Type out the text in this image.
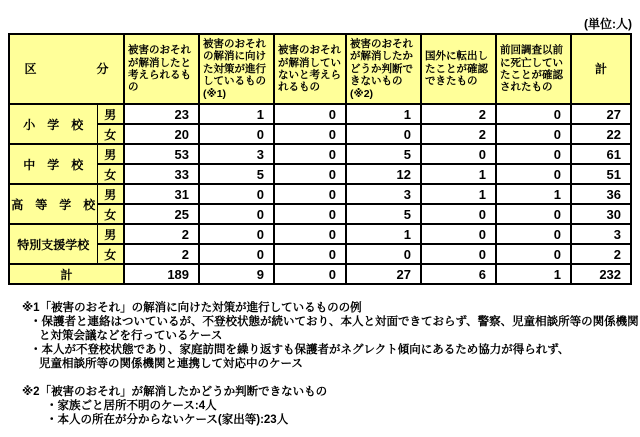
(単位:人)
区　　　　　分		被害のおそれが解消したと考えられるもの	被害のおそれの解消に向けた対策が進行しているもの(※1)	被害のおそれが解消していないと考えられるもの	被害のおそれが解消したかどうか判断できないもの(※2)	国外に転出したことが確認できたもの	前回調査以前に死亡していたことが確認されたもの	計
小　学　校	男	23	1	0	1	2	0	27
	女	20	0	0	0	2	0	22
中　学　校	男	53	3	0	5	0	0	61
	女	33	5	0	12	1	0	51
高　等　学　校	男	31	0	0	3	1	1	36
	女	25	0	0	5	0	0	30
特別支援学校	男	2	0	0	1	0	0	3
	女	2	0	0	0	0	0	2
計		189	9	0	27	6	1	232
※1「被害のおそれ」の解消に向けた対策が進行しているものの例
・保護者と連絡はついているが、不登校状態が続いており、本人と対面できておらず、警察、児童相談所等の関係機関
と対策会議などを行っているケース
・本人が不登校状態であり、家庭訪問を繰り返すも保護者がネグレクト傾向にあるため協力が得られず、
児童相談所等の関係機関と連携して対応中のケース
※2「被害のおそれ」が解消したかどうか判断できないもの
・家族ごと居所不明のケース:4人
・本人の所在が分からないケース(家出等):23人
